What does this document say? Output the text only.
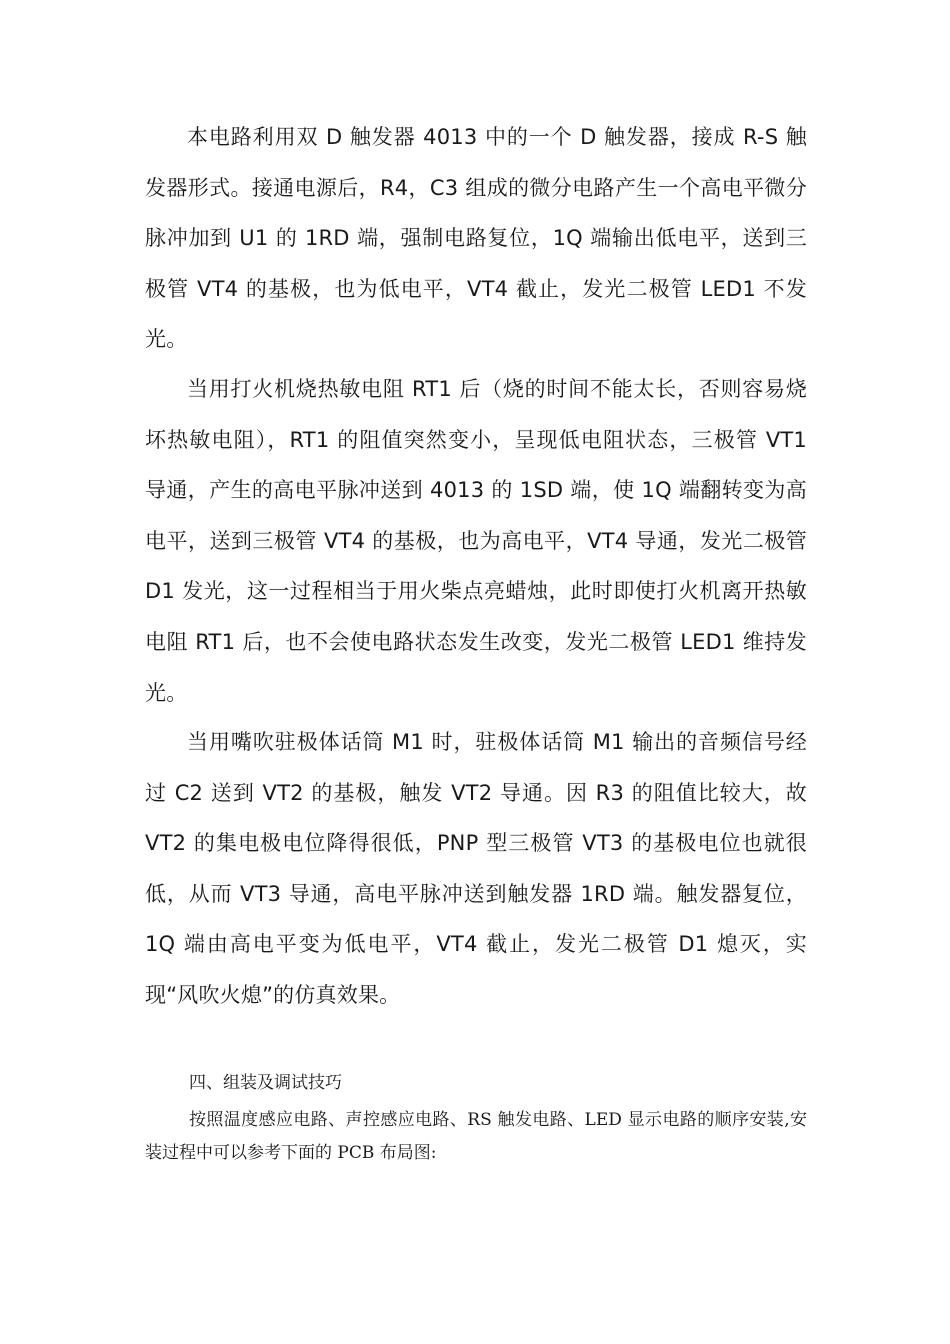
本电路利用双 D 触发器 4013 中的一个 D 触发器，接成 R-S 触发器形式。接通电源后，R4，C3 组成的微分电路产生一个高电平微分脉冲加到 U1 的 1RD 端，强制电路复位，1Q 端输出低电平，送到三极管 VT4 的基极，也为低电平，VT4 截止，发光二极管 LED1 不发光。

当用打火机烧热敏电阻 RT1 后（烧的时间不能太长，否则容易烧坏热敏电阻），RT1 的阻值突然变小，呈现低电阻状态，三极管 VT1 导通，产生的高电平脉冲送到 4013 的 1SD 端，使 1Q 端翻转变为高电平，送到三极管 VT4 的基极，也为高电平，VT4 导通，发光二极管 D1 发光，这一过程相当于用火柴点亮蜡烛，此时即使打火机离开热敏电阻 RT1 后，也不会使电路状态发生改变，发光二极管 LED1 维持发光。

当用嘴吹驻极体话筒 M1 时，驻极体话筒 M1 输出的音频信号经过 C2 送到 VT2 的基极，触发 VT2 导通。因 R3 的阻值比较大，故 VT2 的集电极电位降得很低，PNP 型三极管 VT3 的基极电位也就很低，从而 VT3 导通，高电平脉冲送到触发器 1RD 端。触发器复位，1Q 端由高电平变为低电平，VT4 截止，发光二极管 D1 熄灭，实现“风吹火熄”的仿真效果。

四、组装及调试技巧

按照温度感应电路、声控感应电路、RS 触发电路、LED 显示电路的顺序安装,安装过程中可以参考下面的 PCB 布局图:
